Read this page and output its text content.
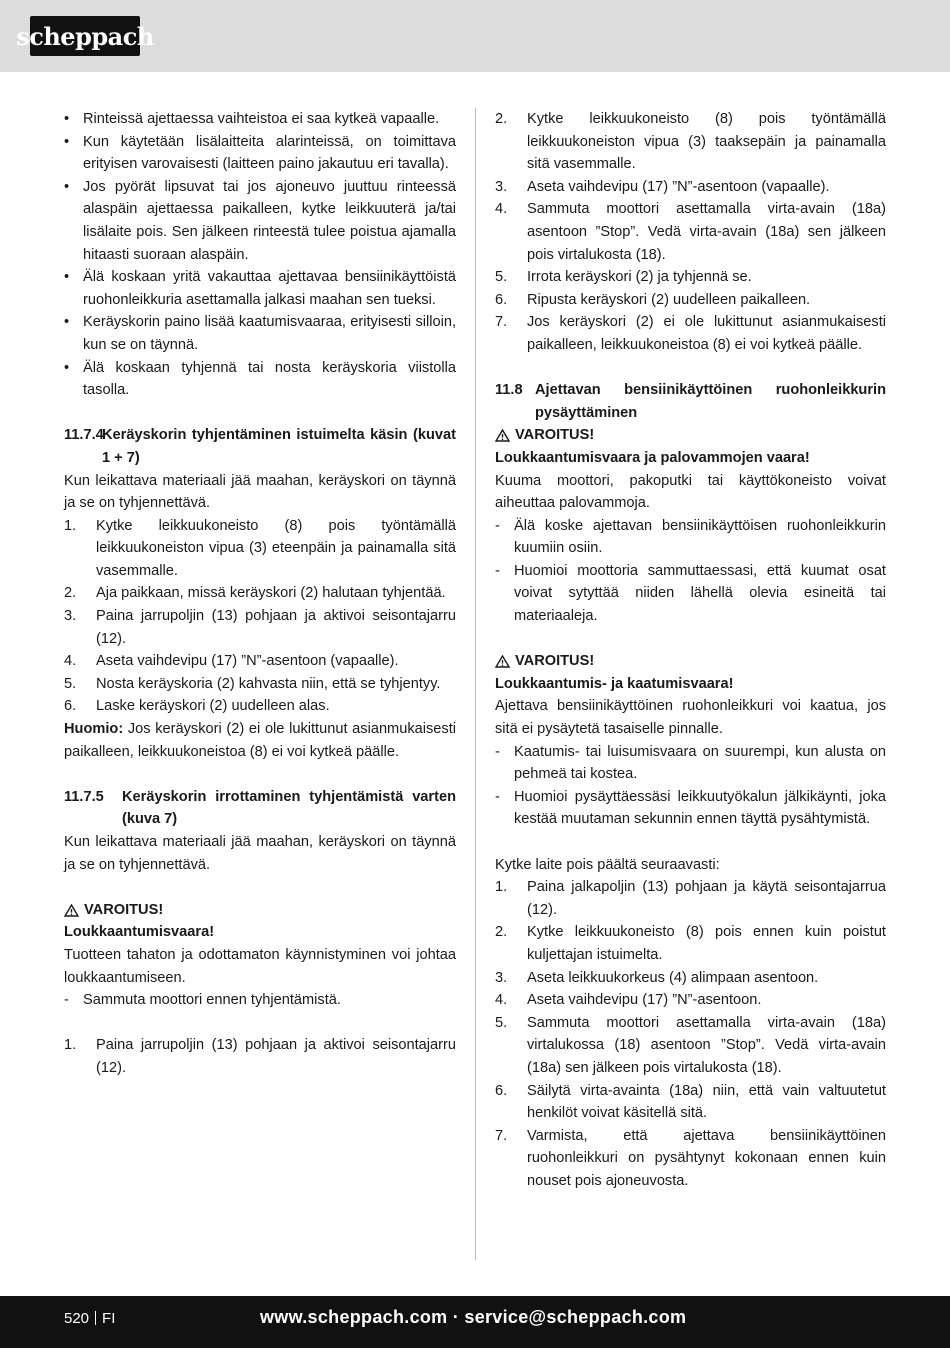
scheppach
• Rinteissä ajettaessa vaihteistoa ei saa kytkeä vapaalle.
• Kun käytetään lisälaitteita alarinteissä, on toimittava erityisen varovaisesti (laitteen paino jakautuu eri tavalla).
• Jos pyörät lipsuvat tai jos ajoneuvo juuttuu rinteessä alaspäin ajettaessa paikalleen, kytke leikkuuterä ja/tai lisälaite pois. Sen jälkeen rinteestä tulee poistua ajamalla hitaasti suoraan alaspäin.
• Älä koskaan yritä vakauttaa ajettavaa bensiinikäyttöistä ruohonleikkuria asettamalla jalkasi maahan sen tueksi.
• Keräyskorin paino lisää kaatumisvaaraa, erityisesti silloin, kun se on täynnä.
• Älä koskaan tyhjennä tai nosta keräyskoria viistolla tasolla.
11.7.4
Keräyskorin tyhjentäminen istuimelta käsin (kuvat 1 + 7)

Kun leikattava materiaali jää maahan, keräyskori on täynnä ja se on tyhjennettävä.

1.	Kytke leikkuukoneisto (8) pois työntämällä leikkuukoneiston vipua (3) eteenpäin ja painamalla sitä vasemmalle.
2.	Aja paikkaan, missä keräyskori (2) halutaan tyhjentää.
3.	Paina jarrupoljin (13) pohjaan ja aktivoi seisontajarru (12).
4.	Aseta vaihdevipu (17) ”N”-asentoon (vapaalle).
5.	Nosta keräyskoria (2) kahvasta niin, että se tyhjentyy.
6.	Laske keräyskori (2) uudelleen alas.

Huomio: Jos keräyskori (2) ei ole lukittunut asianmukaisesti paikalleen, leikkuukoneistoa (8) ei voi kytkeä päälle.

11.7.5	Keräyskorin irrottaminen tyhjentämistä varten (kuva 7)

Kun leikattava materiaali jää maahan, keräyskori on täynnä ja se on tyhjennettävä.

VAROITUS!

Loukkaantumisvaara!

Tuotteen tahaton ja odottamaton käynnistyminen voi johtaa loukkaantumiseen.

- Sammuta moottori ennen tyhjentämistä.
1.	Paina jarrupoljin (13) pohjaan ja aktivoi seisontajarru (12).
2.	Kytke leikkuukoneisto (8) pois työntämällä leikkuukoneiston vipua (3) taaksepäin ja painamalla sitä vasemmalle.
3.	Aseta vaihdevipu (17) ”N”-asentoon (vapaalle).
4.	Sammuta moottori asettamalla virta-avain (18a) asentoon ”Stop”. Vedä virta-avain (18a) sen jälkeen pois virtalukosta (18).
5.	Irrota keräyskori (2) ja tyhjennä se.
6.	Ripusta keräyskori (2) uudelleen paikalleen.
7.	Jos keräyskori (2) ei ole lukittunut asianmukaisesti paikalleen, leikkuukoneistoa (8) ei voi kytkeä päälle.
11.8 Ajettavan bensiinikäyttöinen ruohonleikkurin pysäyttäminen
VAROITUS!

Loukkaantumisvaara ja palovammojen vaara!

Kuuma moottori, pakoputki tai käyttökoneisto voivat aiheuttaa palovammoja.

- Älä koske ajettavan bensiinikäyttöisen ruohonleikkurin kuumiin osiin.
- Huomioi moottoria sammuttaessasi, että kuumat osat voivat sytyttää niiden lähellä olevia esineitä tai materiaaleja.
VAROITUS!

Loukkaantumis- ja kaatumisvaara!

Ajettava bensiinikäyttöinen ruohonleikkuri voi kaatua, jos sitä ei pysäytetä tasaiselle pinnalle.

- Kaatumis- tai luisumisvaara on suurempi, kun alusta on pehmeä tai kostea.
- Huomioi pysäyttäessäsi leikkuutyökalun jälkikäynti, joka kestää muutaman sekunnin ennen täyttä pysähtymistä.

Kytke laite pois päältä seuraavasti:

1.	Paina jalkapoljin (13) pohjaan ja käytä seisontajarrua (12).
2.	Kytke leikkuukoneisto (8) pois ennen kuin poistut kuljettajan istuimelta.
3.	Aseta leikkuukorkeus (4) alimpaan asentoon.
4.	Aseta vaihdevipu (17) ”N”-asentoon.
5.	Sammuta moottori asettamalla virta-avain (18a) virtalukossa (18) asentoon ”Stop”. Vedä virta-avain (18a) sen jälkeen pois virtalukosta (18).
6.	Säilytä virta-avainta (18a) niin, että vain valtuutetut henkilöt voivat käsitellä sitä.
7.	Varmista, että ajettava bensiinikäyttöinen ruohonleikkuri on pysähtynyt kokonaan ennen kuin nouset pois ajoneuvosta.
520 FI	www.scheppach.com · service@scheppach.com
